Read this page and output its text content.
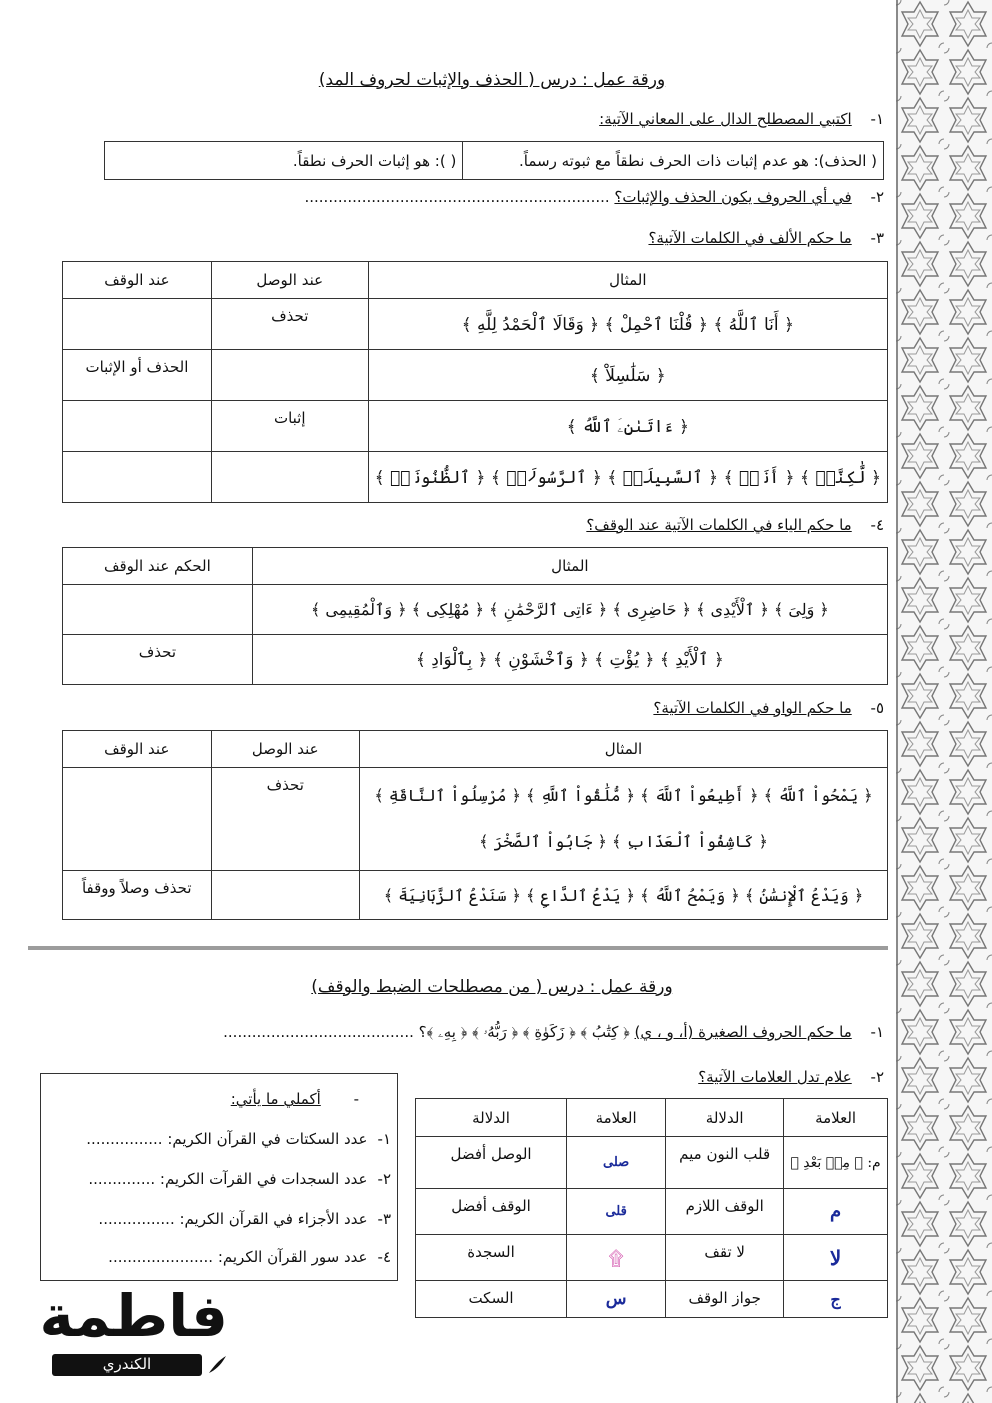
ورقة عمل : درس ( الحذف والإثبات لحروف المد)
١- اكتبي المصطلح الدال على المعاني الآتية:
( الحذف): هو عدم إثبات ذات الحرف نطقاً مع ثبوته رسماً.	( ): هو إثبات الحرف نطقاً.
٢- في أي الحروف يكون الحذف والإثبات؟ ................................................................
٣- ما حكم الألف في الكلمات الآتية؟
المثال	عند الوصل	عند الوقف
﴿ أَنَا ٱللَّهُ ﴾ ﴿ قُلْنَا ٱحْمِلْ ﴾ ﴿ وَقَالَا ٱلْحَمْدُ لِلَّهِ ﴾	تحذف	
﴿ سَلَٰسِلَاْ ﴾		الحذف أو الإثبات
﴿ ءَاتَىٰنِۦَ ٱللَّهُ ﴾	إثبات	
﴿ لَّٰكِنَّا۠ ﴾ ﴿ أَنَا۠ ﴾ ﴿ ٱلسَّبِيلَا۠ ﴾ ﴿ ٱلرَّسُولَا۠ ﴾ ﴿ ٱلظُّنُونَا۠ ﴾		
٤- ما حكم الياء في الكلمات الآتية عند الوقف؟
المثال	الحكم عند الوقف
﴿ وَلِىَ ﴾ ﴿ ٱلْأَيْدِى ﴾ ﴿ حَاضِرِى ﴾ ﴿ ءَاتِى ٱلرَّحْمَٰنِ ﴾ ﴿ مُهْلِكِى ﴾ ﴿ وَٱلْمُقِيمِى ﴾	
﴿ ٱلْأَيْدِ ﴾ ﴿ يُؤْتِ ﴾ ﴿ وَٱخْشَوْنِ ﴾ ﴿ بِٱلْوَادِ ﴾	تحذف
٥- ما حكم الواو في الكلمات الآتية؟
المثال	عند الوصل	عند الوقف

﴿ يَمْحُواْ ٱللَّهُ ﴾ ﴿ أَطِيعُواْ ٱللَّهَ ﴾ ﴿ مُّلَٰقُواْ ٱللَّهِ ﴾ ﴿ مُرْسِلُواْ ٱلنَّاقَةِ ﴾
﴿ كَاشِفُواْ ٱلْعَذَابِ ﴾ ﴿ جَابُواْ ٱلصَّخْرَ ﴾	تحذف	

﴿ وَيَدْعُ ٱلْإِنسَٰنُ ﴾ ﴿ وَيَمْحُ ٱللَّهُ ﴾ ﴿ يَدْعُ ٱلدَّاعِ ﴾ ﴿ سَنَدْعُ ٱلزَّبَانِيَةَ ﴾		تحذف وصلاً ووقفاً
ورقة عمل : درس ( من مصطلحات الضبط والوقف)
١- ما حكم الحروف الصغيرة (أ، و ، ي) ﴿ كِتَٰبُ ﴾ ﴿ زَكَوٰةِ ﴾ ﴿ رَبُّهُۥ ﴾ ﴿ بِهِۦ ﴾؟ ........................................
٢- علام تدل العلامات الآتية؟
العلامة	الدلالة	العلامة	الدلالة
م: ﴿ مِنۢ بَعْدِ ﴾	قلب النون ميم	صلى	الوصل أفضل
م	الوقف اللازم	قلى	الوقف أفضل
لا	لا تقف	۩	السجدة
ج	جواز الوقف	س	السكت
- أكملي ما يأتي:
١-عدد السكتات في القرآن الكريم: ................
٢-عدد السجدات في القرآت الكريم: ..............
٣-عدد الأجزاء في القرآن الكريم: ................
٤-عدد سور القرآن الكريم: ......................
فاطمة
الكندري
